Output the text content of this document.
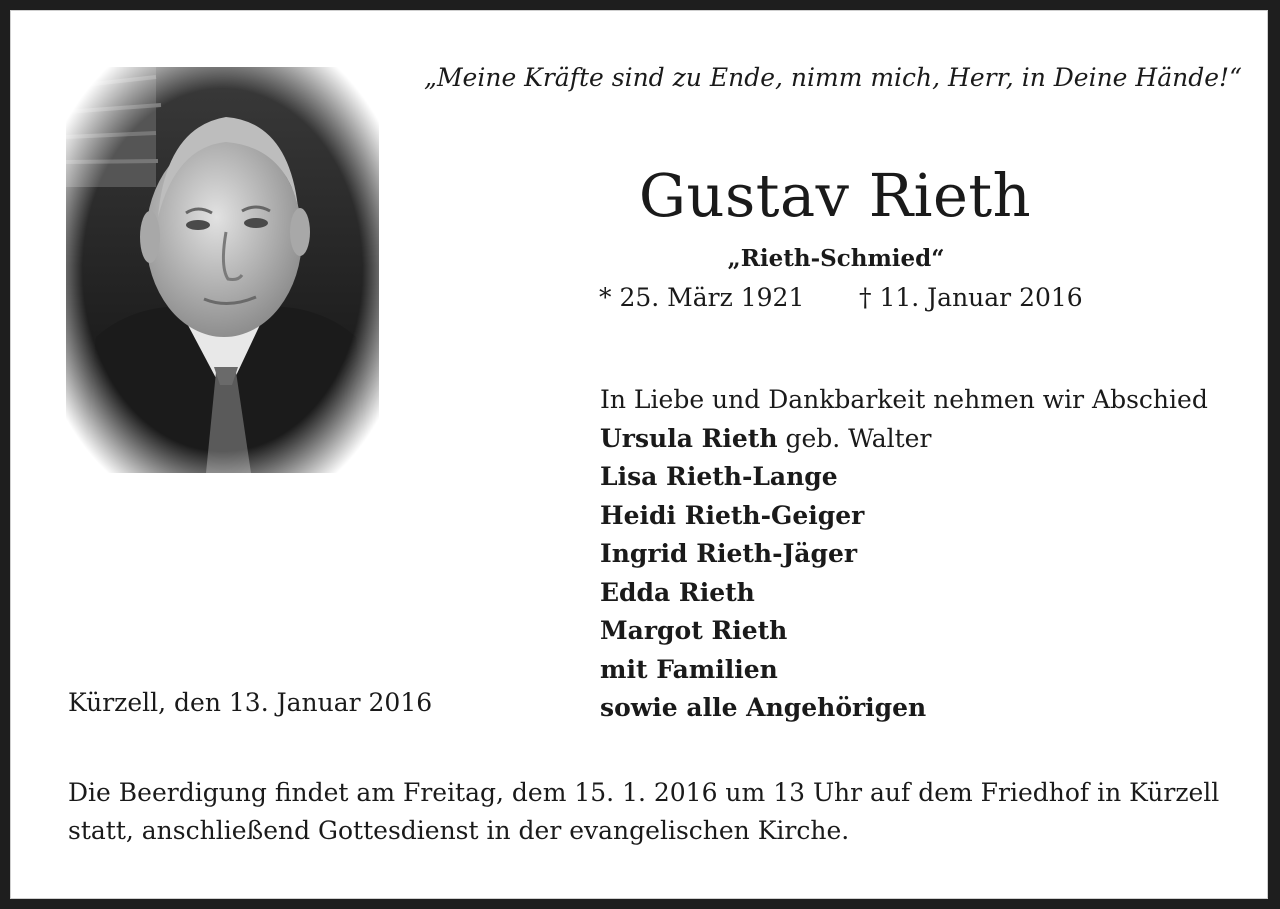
„Meine Kräfte sind zu Ende, nimm mich, Herr, in Deine Hände!“
Gustav Rieth
„Rieth-Schmied“
* 25. März 1921 † 11. Januar 2016
In Liebe und Dankbarkeit nehmen wir Abschied
Ursula Rieth geb. Walter
Lisa Rieth-Lange
Heidi Rieth-Geiger
Ingrid Rieth-Jäger
Edda Rieth
Margot Rieth
mit Familien
sowie alle Angehörigen
Kürzell, den 13. Januar 2016
Die Beerdigung findet am Freitag, dem 15. 1. 2016 um 13 Uhr auf dem Friedhof in Kürzell
statt, anschließend Gottesdienst in der evangelischen Kirche.
